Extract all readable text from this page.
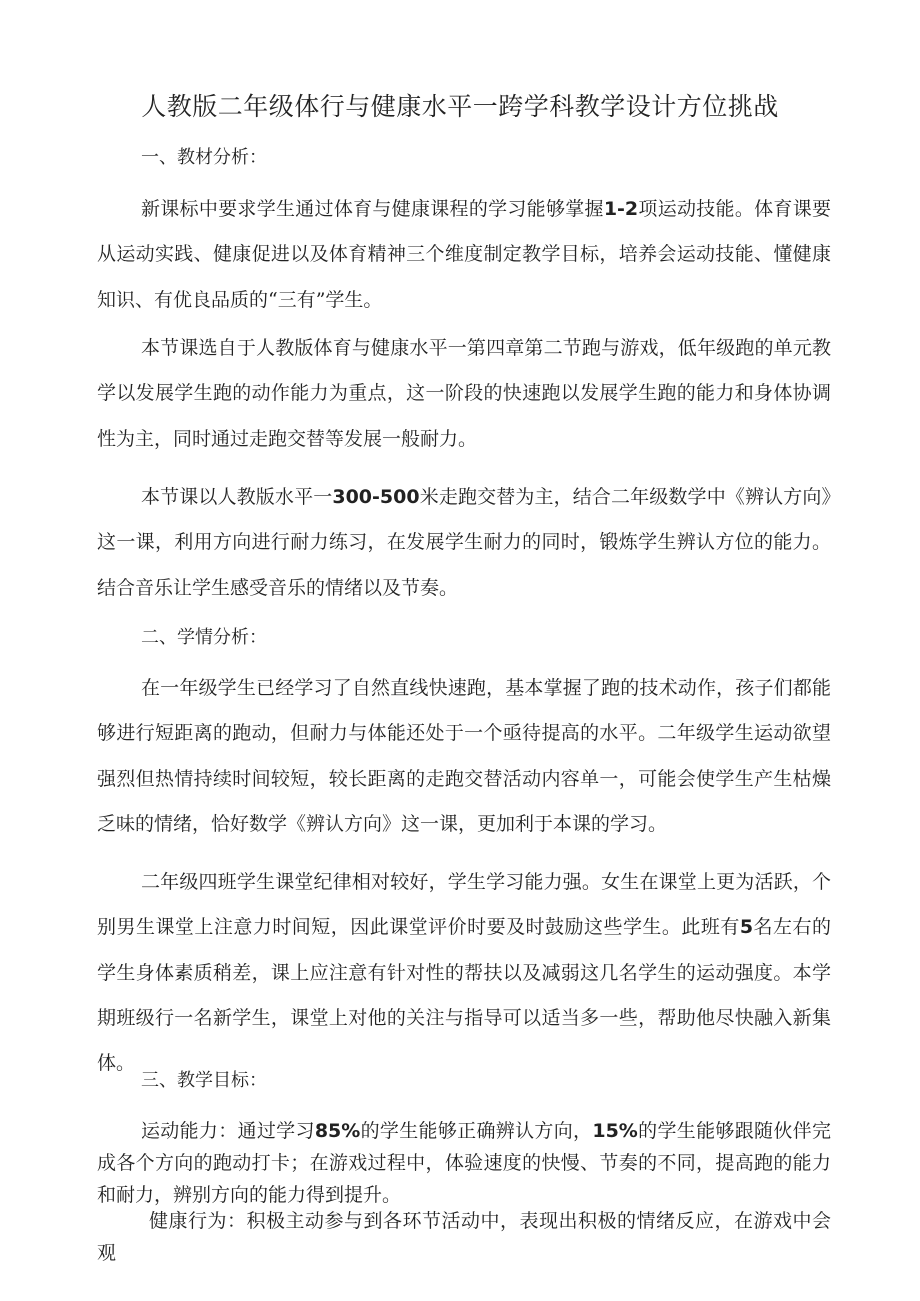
人教版二年级体行与健康水平一跨学科教学设计方位挑战
一、教材分析：

新课标中要求学生通过体育与健康课程的学习能够掌握1-2项运动技能。体育课要从运动实践、健康促进以及体育精神三个维度制定教学目标，培养会运动技能、懂健康知识、有优良品质的“三有”学生。

本节课选自于人教版体育与健康水平一第四章第二节跑与游戏，低年级跑的单元教学以发展学生跑的动作能力为重点，这一阶段的快速跑以发展学生跑的能力和身体协调性为主，同时通过走跑交替等发展一般耐力。

本节课以人教版水平一300-500米走跑交替为主，结合二年级数学中《辨认方向》这一课，利用方向进行耐力练习，在发展学生耐力的同时，锻炼学生辨认方位的能力。结合音乐让学生感受音乐的情绪以及节奏。

二、学情分析：

在一年级学生已经学习了自然直线快速跑，基本掌握了跑的技术动作，孩子们都能够进行短距离的跑动，但耐力与体能还处于一个亟待提高的水平。二年级学生运动欲望强烈但热情持续时间较短，较长距离的走跑交替活动内容单一，可能会使学生产生枯燥乏味的情绪，恰好数学《辨认方向》这一课，更加利于本课的学习。

二年级四班学生课堂纪律相对较好，学生学习能力强。女生在课堂上更为活跃，个别男生课堂上注意力时间短，因此课堂评价时要及时鼓励这些学生。此班有5名左右的学生身体素质稍差，课上应注意有针对性的帮扶以及减弱这几名学生的运动强度。本学期班级行一名新学生，课堂上对他的关注与指导可以适当多一些，帮助他尽快融入新集体。

三、教学目标：

运动能力：通过学习85%的学生能够正确辨认方向，15%的学生能够跟随伙伴完成各个方向的跑动打卡；在游戏过程中，体验速度的快慢、节奏的不同，提高跑的能力和耐力，辨别方向的能力得到提升。

健康行为：积极主动参与到各环节活动中，表现出积极的情绪反应，在游戏中会观
